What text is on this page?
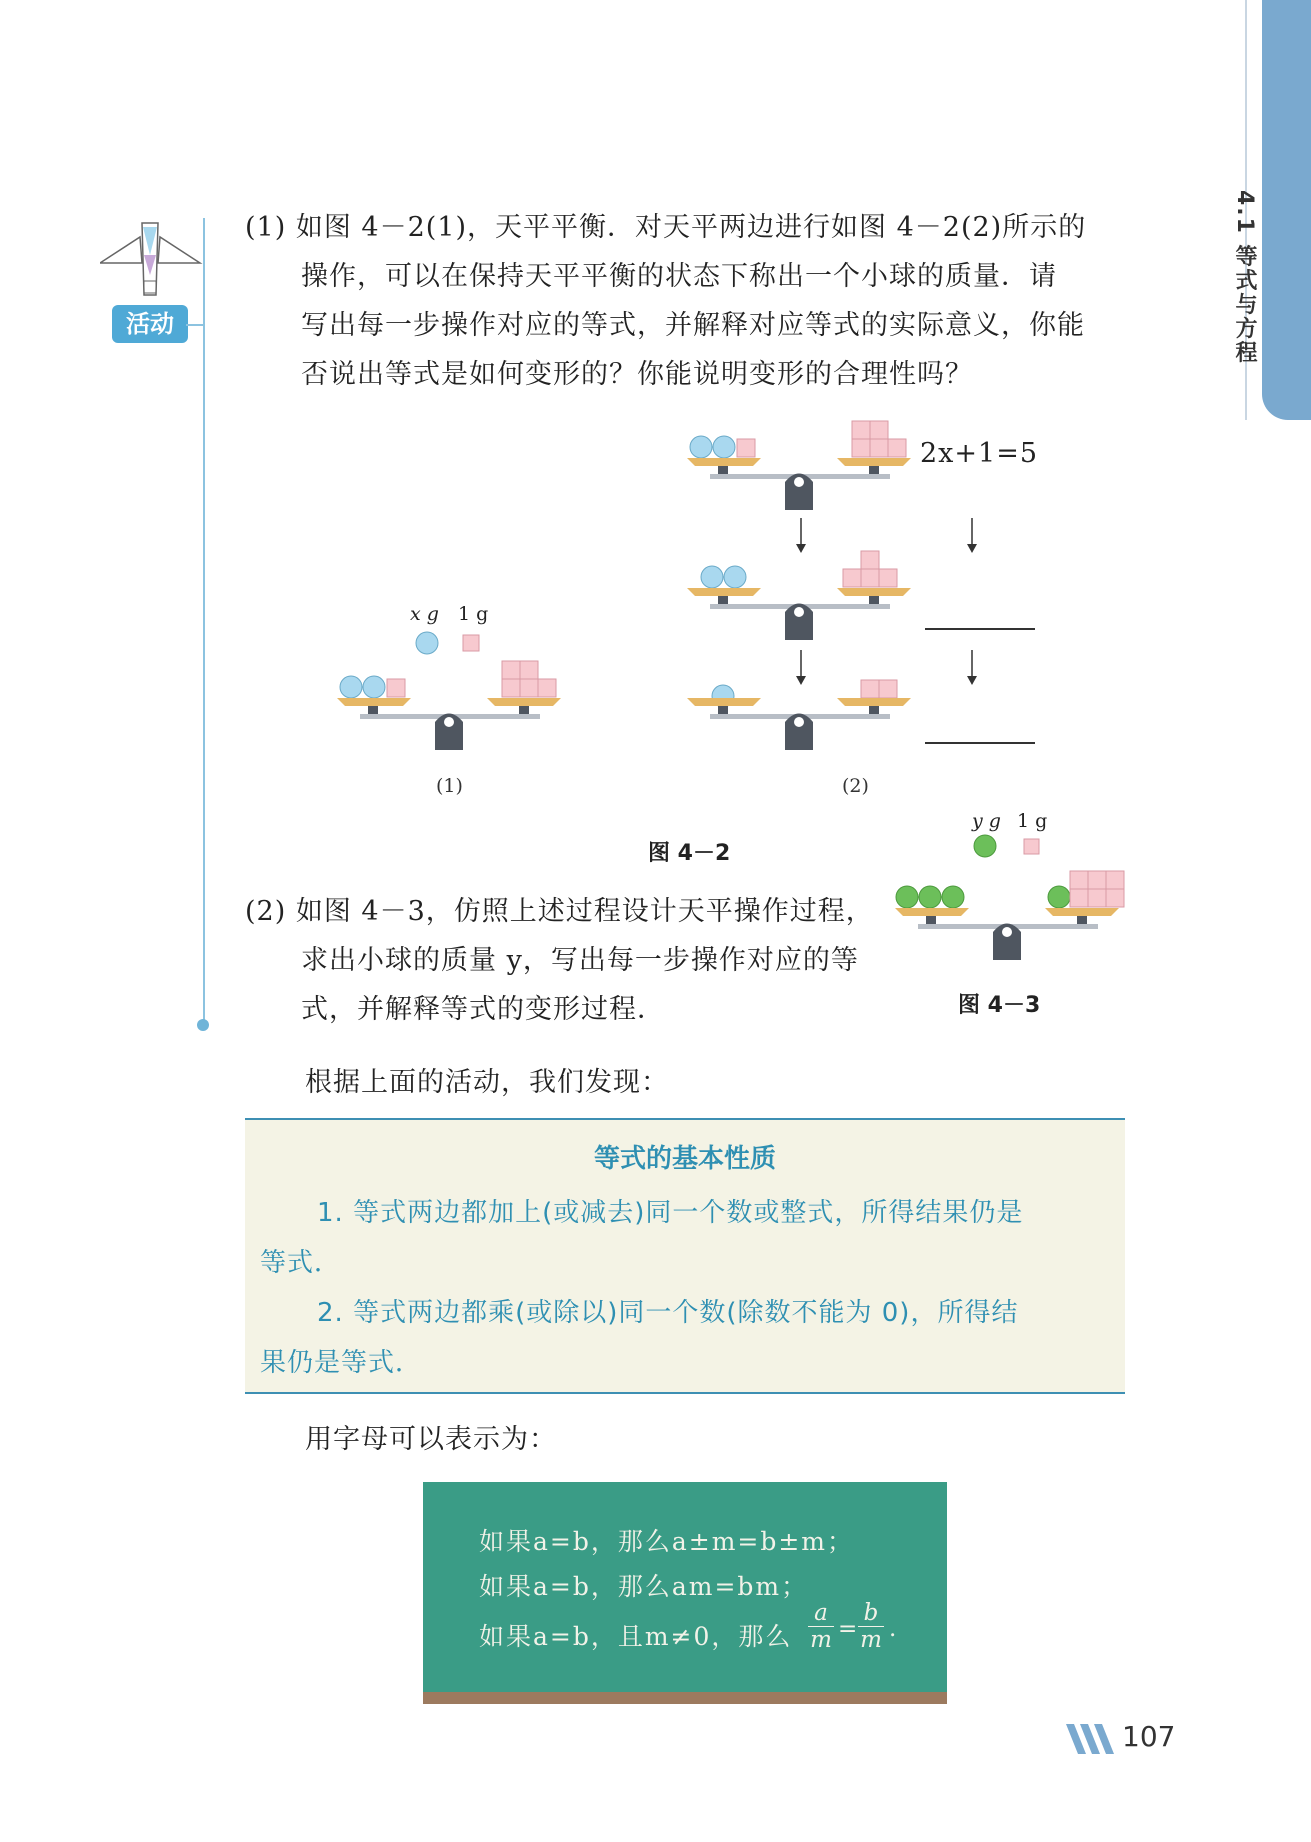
4.1 等式与方程
活动

(1) 如图 4－2(1)，天平平衡．对天平两边进行如图 4－2(2)所示的

操作，可以在保持天平平衡的状态下称出一个小球的质量．请

写出每一步操作对应的等式，并解释对应等式的实际意义，你能

否说出等式是如何变形的？你能说明变形的合理性吗？

x g 1 g
(1)
2x+1=5
(2)
图 4－2
y g 1 g
图 4－3

(2) 如图 4－3，仿照上述过程设计天平操作过程，

求出小球的质量 y，写出每一步操作对应的等

式，并解释等式的变形过程．

根据上面的活动，我们发现：
等式的基本性质
1. 等式两边都加上(或减去)同一个数或整式，所得结果仍是
等式．
2. 等式两边都乘(或除以)同一个数(除数不能为 0)，所得结
果仍是等式．
用字母可以表示为：
如果a=b，那么a±m=b±m；
如果a=b，那么am=bm；
如果a=b，且m≠0，那么
a
m =
b
m .
107
